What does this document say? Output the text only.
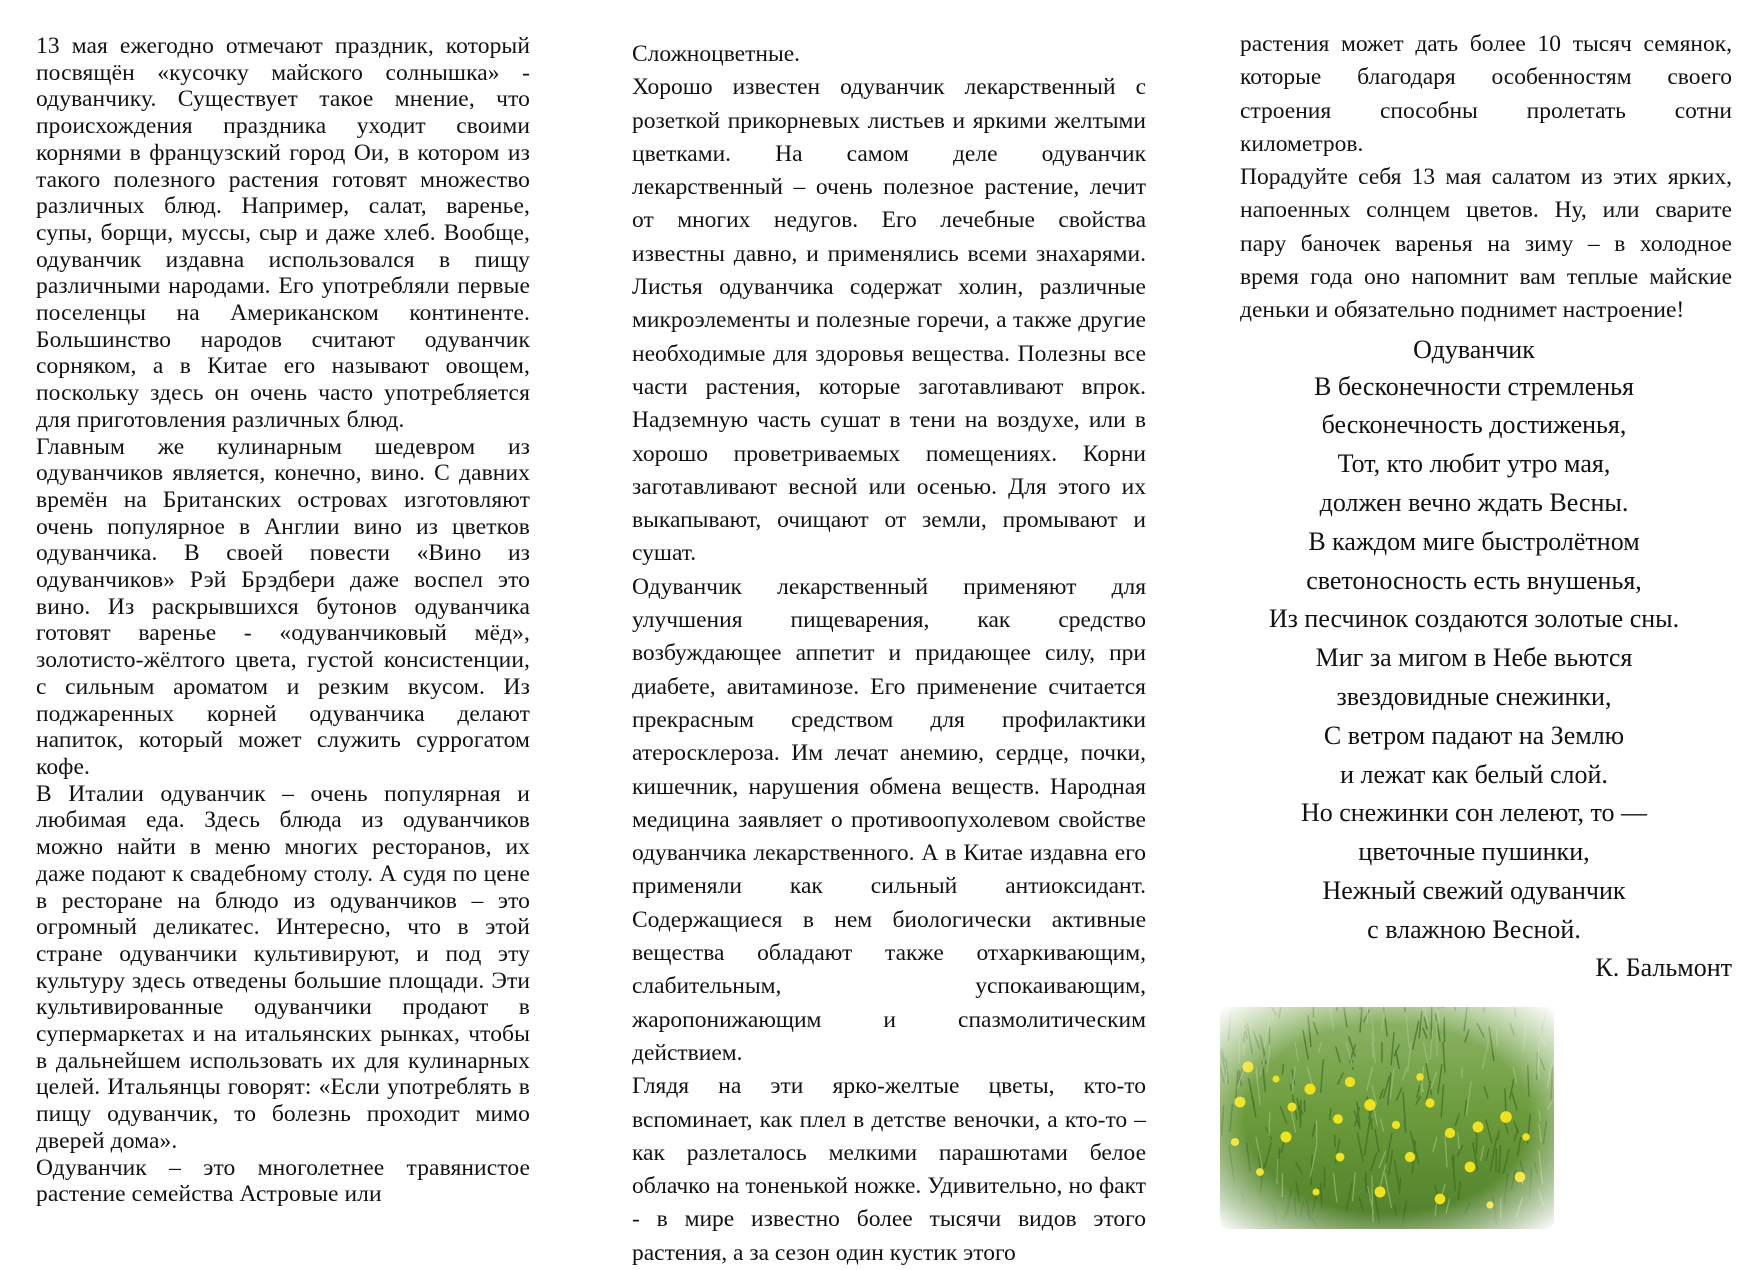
13 мая ежегодно отмечают праздник, который посвящён «кусочку майского солнышка» - одуванчику. Существует такое мнение, что происхождения праздника уходит своими корнями в французский город Ои, в котором из такого полезного растения готовят множество различных блюд. Например, салат, варенье, супы, борщи, муссы, сыр и даже хлеб. Вообще, одуванчик издавна использовался в пищу различными народами. Его употребляли первые поселенцы на Американском континенте. Большинство народов считают одуванчик сорняком, а в Китае его называют овощем, поскольку здесь он очень часто употребляется для приготовления различных блюд.

Главным же кулинарным шедевром из одуванчиков является, конечно, вино. С давних времён на Британских островах изготовляют очень популярное в Англии вино из цветков одуванчика. В своей повести «Вино из одуванчиков» Рэй Брэдбери даже воспел это вино. Из раскрывшихся бутонов одуванчика готовят варенье - «одуванчиковый мёд», золотисто-жёлтого цвета, густой консистенции, с сильным ароматом и резким вкусом. Из поджаренных корней одуванчика делают напиток, который может служить суррогатом кофе.

В Италии одуванчик – очень популярная и любимая еда. Здесь блюда из одуванчиков можно найти в меню многих ресторанов, их даже подают к свадебному столу. А судя по цене в ресторане на блюдо из одуванчиков – это огромный деликатес. Интересно, что в этой стране одуванчики культивируют, и под эту культуру здесь отведены большие площади. Эти культивированные одуванчики продают в супермаркетах и на итальянских рынках, чтобы в дальнейшем использовать их для кулинарных целей. Итальянцы говорят: «Если употреблять в пищу одуванчик, то болезнь проходит мимо дверей дома».

Одуванчик – это многолетнее травянистое растение семейства Астровые или

Сложноцветные.

Хорошо известен одуванчик лекарственный с розеткой прикорневых листьев и яркими желтыми цветками. На самом деле одуванчик лекарственный – очень полезное растение, лечит от многих недугов. Его лечебные свойства известны давно, и применялись всеми знахарями. Листья одуванчика содержат холин, различные микроэлементы и полезные горечи, а также другие необходимые для здоровья вещества. Полезны все части растения, которые заготавливают впрок. Надземную часть сушат в тени на воздухе, или в хорошо проветриваемых помещениях. Корни заготавливают весной или осенью. Для этого их выкапывают, очищают от земли, промывают и сушат.

Одуванчик лекарственный применяют для улучшения пищеварения, как средство возбуждающее аппетит и придающее силу, при диабете, авитаминозе. Его применение считается прекрасным средством для профилактики атеросклероза. Им лечат анемию, сердце, почки, кишечник, нарушения обмена веществ. Народная медицина заявляет о противоопухолевом свойстве одуванчика лекарственного. А в Китае издавна его применяли как сильный антиоксидант. Содержащиеся в нем биологически активные вещества обладают также отхаркивающим, слабительным, успокаивающим, жаропонижающим и спазмолитическим действием.

Глядя на эти ярко-желтые цветы, кто-то вспоминает, как плел в детстве веночки, а кто-то – как разлеталось мелкими парашютами белое облачко на тоненькой ножке. Удивительно, но факт - в мире известно более тысячи видов этого растения, а за сезон один кустик этого

растения может дать более 10 тысяч семянок, которые благодаря особенностям своего строения способны пролетать сотни километров.

Порадуйте себя 13 мая салатом из этих ярких, напоенных солнцем цветов. Ну, или сварите пару баночек варенья на зиму – в холодное время года оно напомнит вам теплые майские деньки и обязательно поднимет настроение!

Одуванчик
В бесконечности стремленья
бесконечность достиженья,
Тот, кто любит утро мая,
должен вечно ждать Весны.
В каждом миге быстролётном
светоносность есть внушенья,
Из песчинок создаются золотые сны.
Миг за мигом в Небе вьются
звездовидные снежинки,
С ветром падают на Землю
и лежат как белый слой.
Но снежинки сон лелеют, то —
цветочные пушинки,
Нежный свежий одуванчик
с влажною Весной.
К. Бальмонт
